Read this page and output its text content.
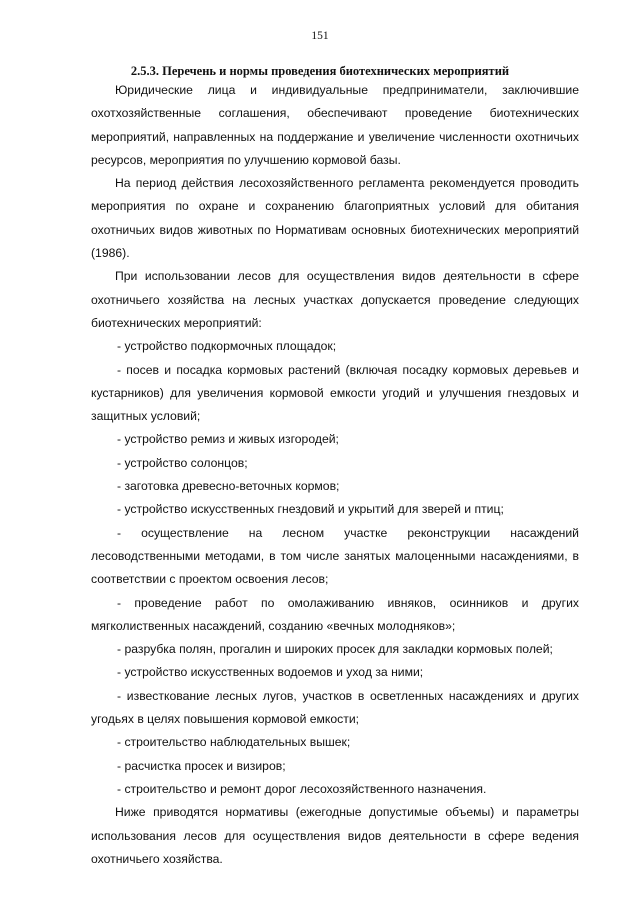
151
2.5.3. Перечень и нормы проведения биотехнических мероприятий

Юридические лица и индивидуальные предприниматели, заключившие охотхозяйственные соглашения, обеспечивают проведение биотехнических мероприятий, направленных на поддержание и увеличение численности охотничьих ресурсов, мероприятия по улучшению кормовой базы.

На период действия лесохозяйственного регламента рекомендуется проводить мероприятия по охране и сохранению благоприятных условий для обитания охотничьих видов животных по Нормативам основных биотехнических мероприятий (1986).

При использовании лесов для осуществления видов деятельности в сфере охотничьего хозяйства на лесных участках допускается проведение следующих биотехнических мероприятий:

- устройство подкормочных площадок;

- посев и посадка кормовых растений (включая посадку кормовых деревьев и кустарников) для увеличения кормовой емкости угодий и улучшения гнездовых и защитных условий;

- устройство ремиз и живых изгородей;

- устройство солонцов;

- заготовка древесно-веточных кормов;

- устройство искусственных гнездовий и укрытий для зверей и птиц;

- осуществление на лесном участке реконструкции насаждений лесоводственными методами, в том числе занятых малоценными насаждениями, в соответствии с проектом освоения лесов;

- проведение работ по омолаживанию ивняков, осинников и других мягколиственных насаждений, созданию «вечных молодняков»;

- разрубка полян, прогалин и широких просек для закладки кормовых полей;

- устройство искусственных водоемов и уход за ними;

- известкование лесных лугов, участков в осветленных насаждениях и других угодьях в целях повышения кормовой емкости;

- строительство наблюдательных вышек;

- расчистка просек и визиров;

- строительство и ремонт дорог лесохозяйственного назначения.

Ниже приводятся нормативы (ежегодные допустимые объемы) и параметры использования лесов для осуществления видов деятельности в сфере ведения охотничьего хозяйства.
